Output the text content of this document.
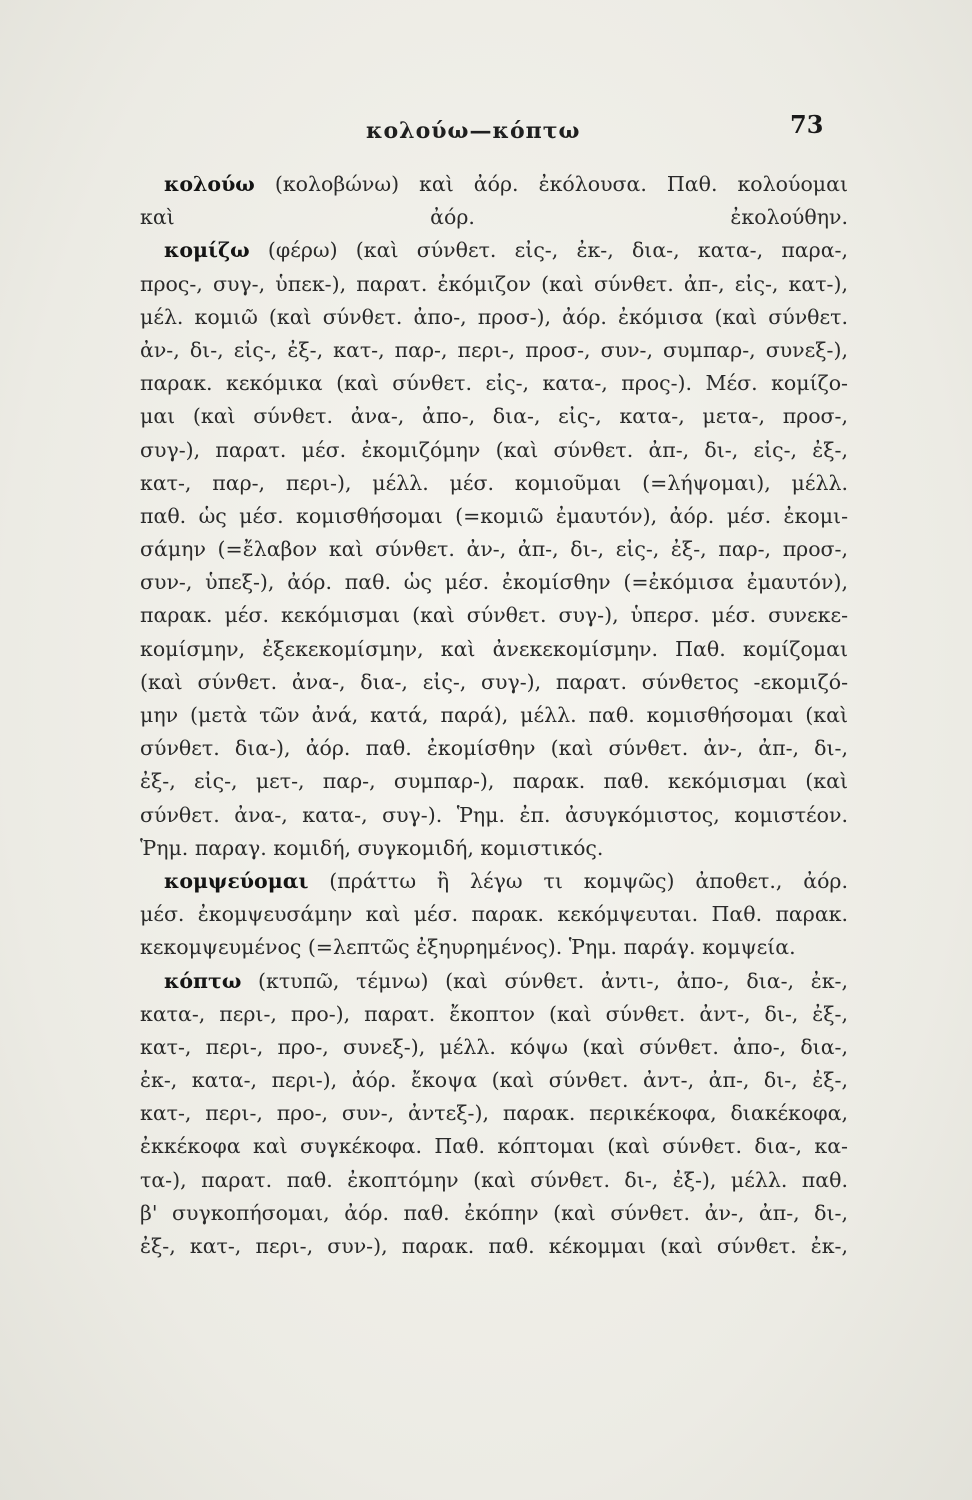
κολούω—κόπτω	73
κολούω (κολοβώνω) καὶ ἀόρ. ἐκόλουσα. Παθ. κολούομαι
καὶ ἀόρ. ἐκολούθην.
κομίζω (φέρω) (καὶ σύνθετ. εἰς-, ἐκ-, δια-, κατα-, παρα-,
προς-, συγ-, ὑπεκ-), παρατ. ἐκόμιζον (καὶ σύνθετ. ἀπ-, εἰς-, κατ-),
μέλ. κομιῶ (καὶ σύνθετ. ἀπο-, προσ-), ἀόρ. ἐκόμισα (καὶ σύνθετ.
ἀν-, δι-, εἰς-, ἐξ-, κατ-, παρ-, περι-, προσ-, συν-, συμπαρ-, συνεξ-),
παρακ. κεκόμικα (καὶ σύνθετ. εἰς-, κατα-, προς-). Μέσ. κομίζο-
μαι (καὶ σύνθετ. ἀνα-, ἀπο-, δια-, εἰς-, κατα-, μετα-, προσ-,
συγ-), παρατ. μέσ. ἐκομιζόμην (καὶ σύνθετ. ἀπ-, δι-, εἰς-, ἐξ-,
κατ-, παρ-, περι-), μέλλ. μέσ. κομιοῦμαι (=λήψομαι), μέλλ.
παθ. ὡς μέσ. κομισθήσομαι (=κομιῶ ἐμαυτόν), ἀόρ. μέσ. ἐκομι-
σάμην (=ἔλαβον καὶ σύνθετ. ἀν-, ἀπ-, δι-, εἰς-, ἐξ-, παρ-, προσ-,
συν-, ὑπεξ-), ἀόρ. παθ. ὡς μέσ. ἐκομίσθην (=ἐκόμισα ἐμαυτόν),
παρακ. μέσ. κεκόμισμαι (καὶ σύνθετ. συγ-), ὑπερσ. μέσ. συνεκε-
κομίσμην, ἐξεκεκομίσμην, καὶ ἀνεκεκομίσμην. Παθ. κομίζομαι
(καὶ σύνθετ. ἀνα-, δια-, εἰς-, συγ-), παρατ. σύνθετος -εκομιζό-
μην (μετὰ τῶν ἀνά, κατά, παρά), μέλλ. παθ. κομισθήσομαι (καὶ
σύνθετ. δια-), ἀόρ. παθ. ἐκομίσθην (καὶ σύνθετ. ἀν-, ἀπ-, δι-,
ἐξ-, εἰς-, μετ-, παρ-, συμπαρ-), παρακ. παθ. κεκόμισμαι (καὶ
σύνθετ. ἀνα-, κατα-, συγ-). Ῥημ. ἐπ. ἀσυγκόμιστος, κομιστέον.
Ῥημ. παραγ. κομιδή, συγκομιδή, κομιστικός.
κομψεύομαι (πράττω ἢ λέγω τι κομψῶς) ἀποθετ., ἀόρ.
μέσ. ἐκομψευσάμην καὶ μέσ. παρακ. κεκόμψευται. Παθ. παρακ.
κεκομψευμένος (=λεπτῶς ἐξηυρημένος). Ῥημ. παράγ. κομψεία.
κόπτω (κτυπῶ, τέμνω) (καὶ σύνθετ. ἀντι-, ἀπο-, δια-, ἐκ-,
κατα-, περι-, προ-), παρατ. ἔκοπτον (καὶ σύνθετ. ἀντ-, δι-, ἐξ-,
κατ-, περι-, προ-, συνεξ-), μέλλ. κόψω (καὶ σύνθετ. ἀπο-, δια-,
ἐκ-, κατα-, περι-), ἀόρ. ἔκοψα (καὶ σύνθετ. ἀντ-, ἀπ-, δι-, ἐξ-,
κατ-, περι-, προ-, συν-, ἀντεξ-), παρακ. περικέκοφα, διακέκοφα,
ἐκκέκοφα καὶ συγκέκοφα. Παθ. κόπτομαι (καὶ σύνθετ. δια-, κα-
τα-), παρατ. παθ. ἐκοπτόμην (καὶ σύνθετ. δι-, ἐξ-), μέλλ. παθ.
β' συγκοπήσομαι, ἀόρ. παθ. ἐκόπην (καὶ σύνθετ. ἀν-, ἀπ-, δι-,
ἐξ-, κατ-, περι-, συν-), παρακ. παθ. κέκομμαι (καὶ σύνθετ. ἐκ-,
